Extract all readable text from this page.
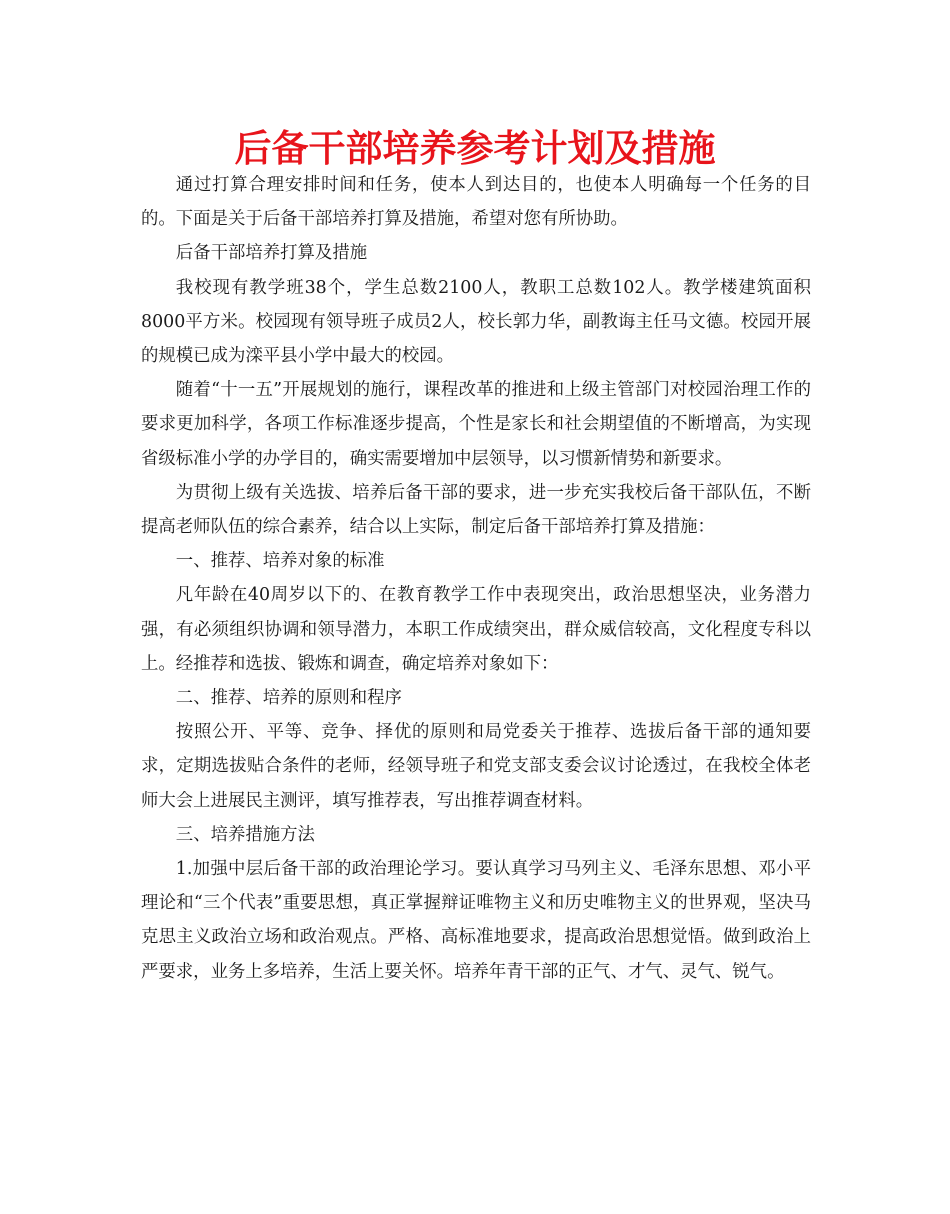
后备干部培养参考计划及措施

通过打算合理安排时间和任务，使本人到达目的，也使本人明确每一个任务的目的。下面是关于后备干部培养打算及措施，希望对您有所协助。

后备干部培养打算及措施

我校现有教学班38个，学生总数2100人，教职工总数102人。教学楼建筑面积8000平方米。校园现有领导班子成员2人，校长郭力华，副教诲主任马文德。校园开展的规模已成为滦平县小学中最大的校园。

随着“十一五”开展规划的施行，课程改革的推进和上级主管部门对校园治理工作的要求更加科学，各项工作标准逐步提高，个性是家长和社会期望值的不断增高，为实现省级标准小学的办学目的，确实需要增加中层领导，以习惯新情势和新要求。

为贯彻上级有关选拔、培养后备干部的要求，进一步充实我校后备干部队伍，不断提高老师队伍的综合素养，结合以上实际，制定后备干部培养打算及措施：

一、推荐、培养对象的标准

凡年龄在40周岁以下的、在教育教学工作中表现突出，政治思想坚决，业务潜力强，有必须组织协调和领导潜力，本职工作成绩突出，群众威信较高，文化程度专科以上。经推荐和选拔、锻炼和调查，确定培养对象如下：

二、推荐、培养的原则和程序

按照公开、平等、竞争、择优的原则和局党委关于推荐、选拔后备干部的通知要求，定期选拔贴合条件的老师，经领导班子和党支部支委会议讨论透过，在我校全体老师大会上进展民主测评，填写推荐表，写出推荐调查材料。

三、培养措施方法

1.加强中层后备干部的政治理论学习。要认真学习马列主义、毛泽东思想、邓小平理论和“三个代表”重要思想，真正掌握辩证唯物主义和历史唯物主义的世界观，坚决马克思主义政治立场和政治观点。严格、高标准地要求，提高政治思想觉悟。做到政治上严要求，业务上多培养，生活上要关怀。培养年青干部的正气、才气、灵气、锐气。
